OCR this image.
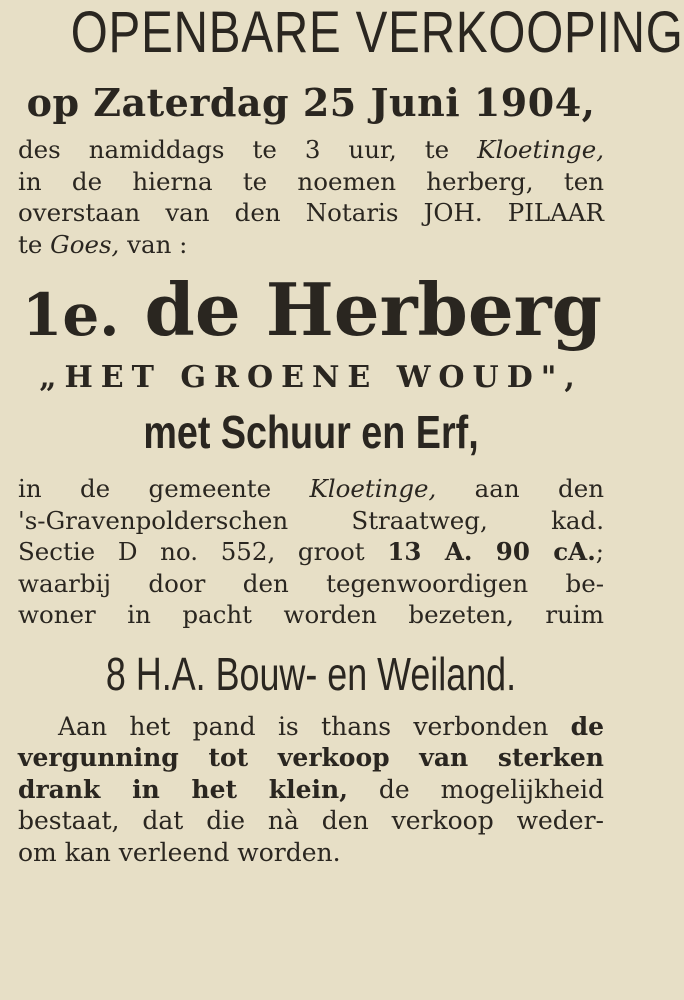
OPENBARE VERKOOPING
op Zaterdag 25 Juni 1904,
des namiddags te 3 uur, te Kloetinge,
in de hierna te noemen herberg, ten
overstaan van den Notaris JOH. PILAAR
te Goes, van :
1e. de Herberg
„HET GROENE WOUD",
met Schuur en Erf,
in de gemeente Kloetinge, aan den
's-Gravenpolderschen Straatweg, kad.
Sectie D no. 552, groot 13 A. 90 cA.;
waarbij door den tegenwoordigen be-
woner in pacht worden bezeten, ruim
8 H.A. Bouw- en Weiland.
Aan het pand is thans verbonden de
vergunning tot verkoop van sterken
drank in het klein, de mogelijkheid
bestaat, dat die nà den verkoop weder-
om kan verleend worden.
